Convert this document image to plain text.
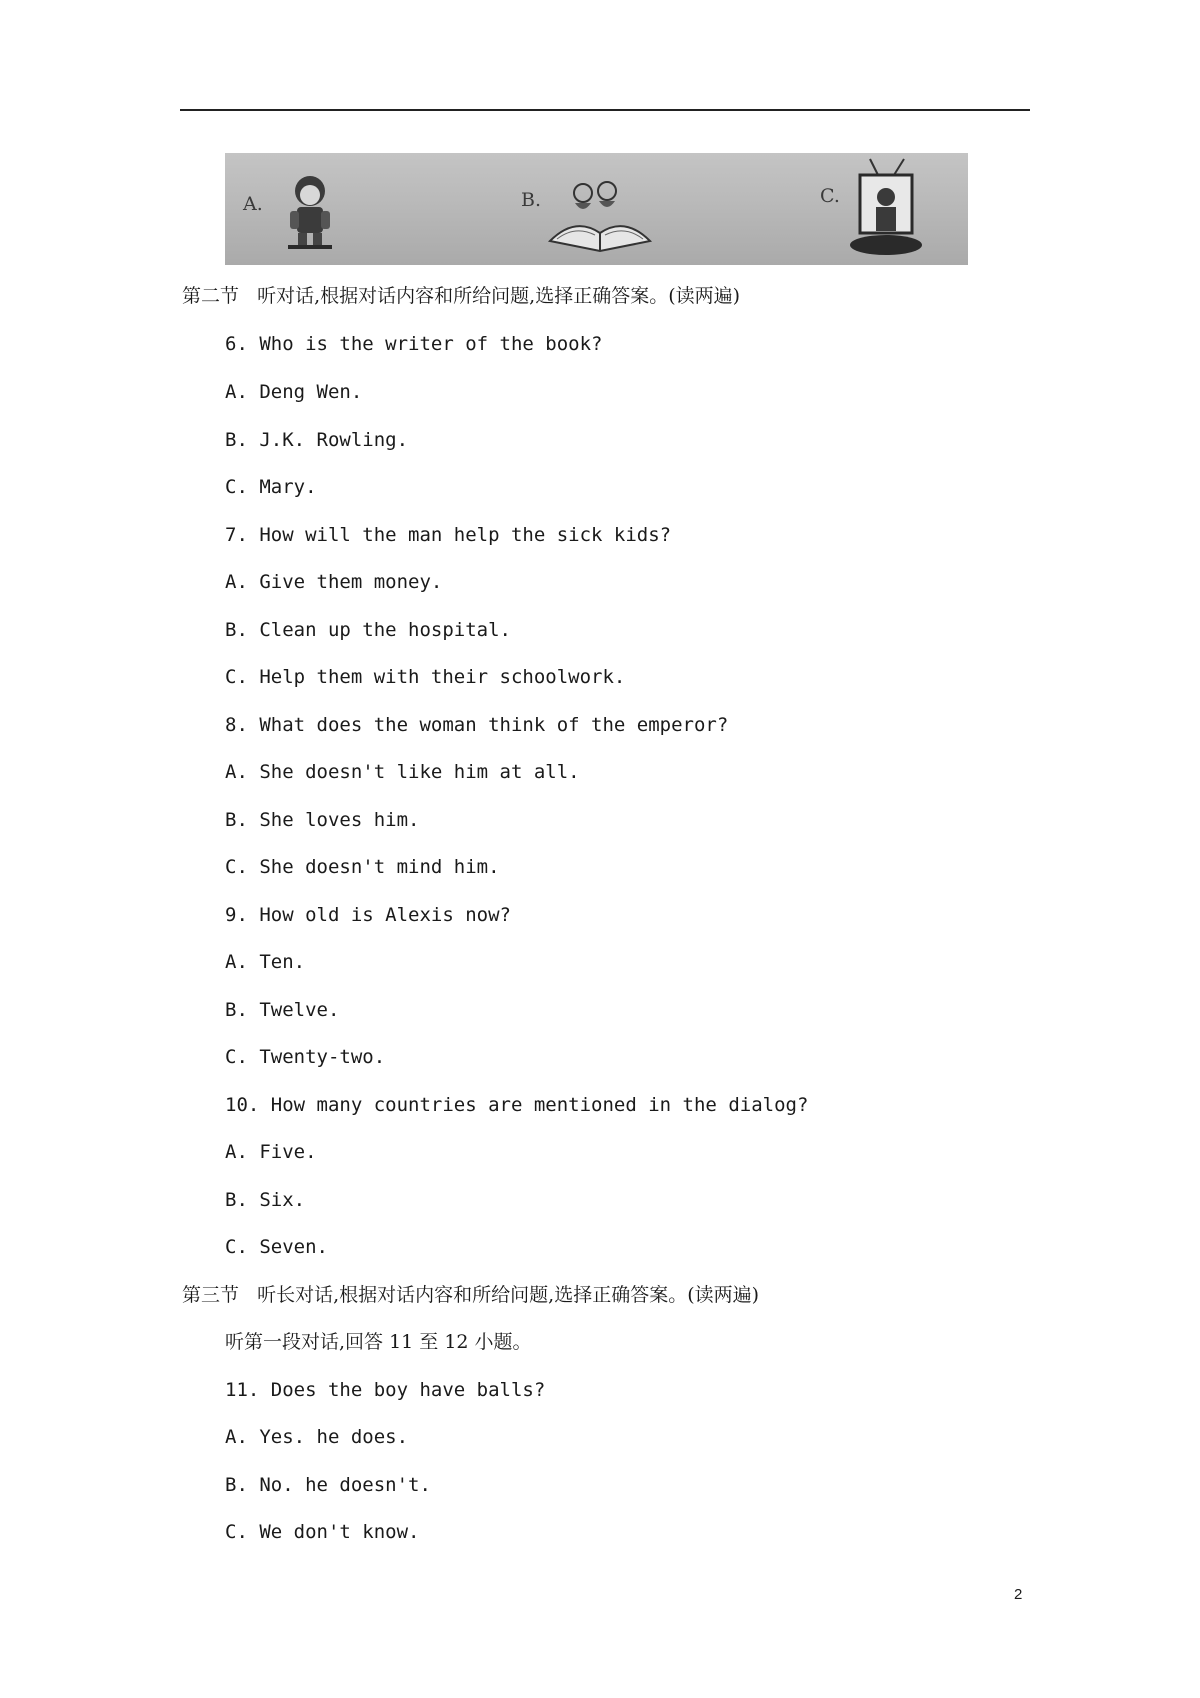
A.	B.	C.
第二节   听对话,根据对话内容和所给问题,选择正确答案。(读两遍)
6. Who is the writer of the book?
A. Deng Wen.
B. J.K. Rowling.
C. Mary.
7. How will the man help the sick kids?
A. Give them money.
B. Clean up the hospital.
C. Help them with their schoolwork.
8. What does the woman think of the emperor?
A. She doesn't like him at all.
B. She loves him.
C. She doesn't mind him.
9. How old is Alexis now?
A. Ten.
B. Twelve.
C. Twenty-two.
10. How many countries are mentioned in the dialog?
A. Five.
B. Six.
C. Seven.
第三节   听长对话,根据对话内容和所给问题,选择正确答案。(读两遍)
听第一段对话,回答 11 至 12 小题。
11. Does the boy have balls?
A. Yes. he does.
B. No. he doesn't.
C. We don't know.
2
